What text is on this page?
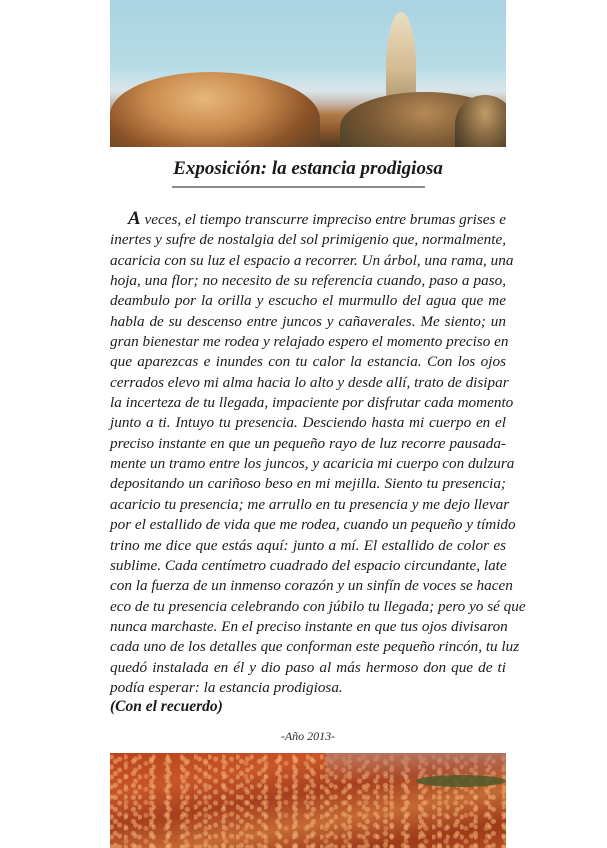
Exposición: la estancia prodigiosa
A veces, el tiempo transcurre impreciso entre brumas grises e
inertes y sufre de nostalgia del sol primigenio que, normalmente,
acaricia con su luz el espacio a recorrer. Un árbol, una rama, una
hoja, una flor; no necesito de su referencia cuando, paso a paso,
deambulo por la orilla y escucho el murmullo del agua que me
habla de su descenso entre juncos y cañaverales. Me siento; un
gran bienestar me rodea y relajado espero el momento preciso en
que aparezcas e inundes con tu calor la estancia. Con los ojos
cerrados elevo mi alma hacia lo alto y desde allí, trato de disipar
la incerteza de tu llegada, impaciente por disfrutar cada momento
junto a ti. Intuyo tu presencia. Desciendo hasta mi cuerpo en el
preciso instante en que un pequeño rayo de luz recorre pausada-
mente un tramo entre los juncos, y acaricia mi cuerpo con dulzura
depositando un cariñoso beso en mi mejilla. Siento tu presencia;
acaricio tu presencia; me arrullo en tu presencia y me dejo llevar
por el estallido de vida que me rodea, cuando un pequeño y tímido
trino me dice que estás aquí: junto a mí. El estallido de color es
sublime. Cada centímetro cuadrado del espacio circundante, late
con la fuerza de un inmenso corazón y un sinfín de voces se hacen
eco de tu presencia celebrando con júbilo tu llegada; pero yo sé que
nunca marchaste. En el preciso instante en que tus ojos divisaron
cada uno de los detalles que conforman este pequeño rincón, tu luz
quedó instalada en él y dio paso al más hermoso don que de ti
podía esperar: la estancia prodigiosa.
(Con el recuerdo)
-Año 2013-
